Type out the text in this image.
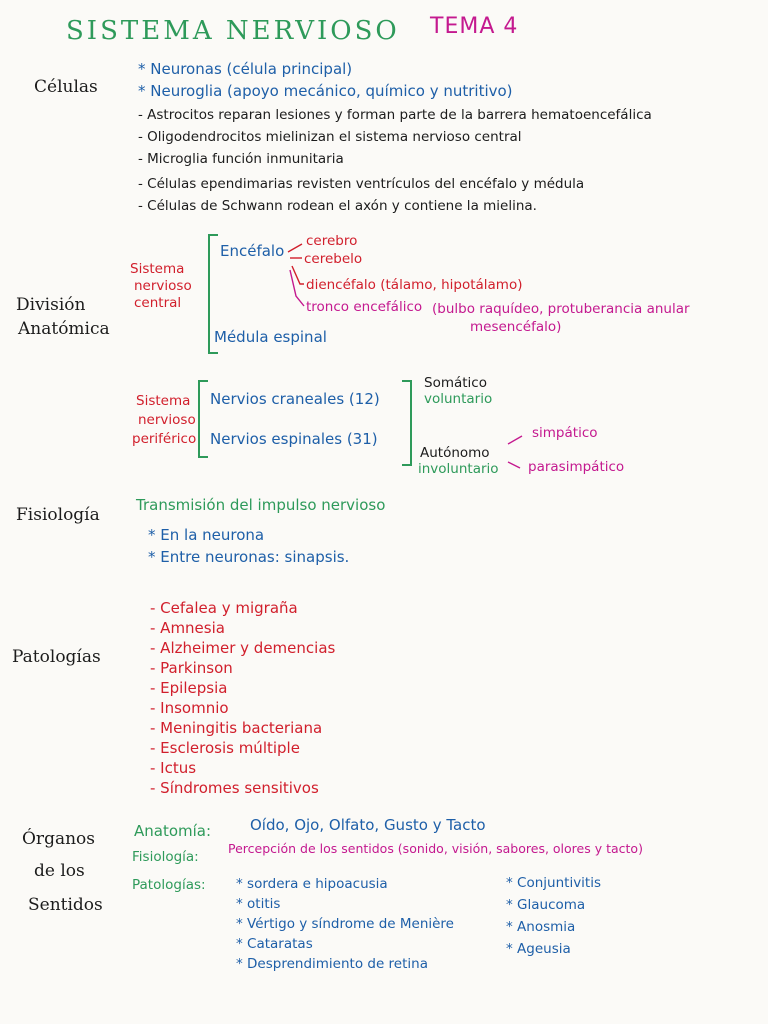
SISTEMA NERVIOSO TEMA 4
Células
* Neuronas (célula principal)
* Neuroglia (apoyo mecánico, químico y nutritivo)
- Astrocitos reparan lesiones y forman parte de la barrera hematoencefálica
- Oligodendrocitos mielinizan el sistema nervioso central
- Microglia función inmunitaria
- Células ependimarias revisten ventrículos del encéfalo y médula
- Células de Schwann rodean el axón y contiene la mielina.
División
Anatómica
Sistema
nervioso
central
Encéfalo
cerebro
cerebelo
diencéfalo (tálamo, hipotálamo)
tronco encefálico (bulbo raquídeo, protuberancia anular
mesencéfalo)
Médula espinal
Sistema
nervioso
periférico
Nervios craneales (12)
Nervios espinales (31)
Somático
voluntario
Autónomo
involuntario
simpático
parasimpático
Fisiología Transmisión del impulso nervioso
* En la neurona
* Entre neuronas: sinapsis.
Patologías
- Cefalea y migraña
- Amnesia
- Alzheimer y demencias
- Parkinson
- Epilepsia
- Insomnio
- Meningitis bacteriana
- Esclerosis múltiple
- Ictus
- Síndromes sensitivos
Órganos
de los
Sentidos
Anatomía:	Oído, Ojo, Olfato, Gusto y Tacto
Fisiología:
Percepción de los sentidos (sonido, visión, sabores, olores y tacto)
Patologías: * sordera e hipoacusia
* otitis
* Vértigo y síndrome de Menière
* Cataratas
* Desprendimiento de retina
* Conjuntivitis
* Glaucoma
* Anosmia
* Ageusia
